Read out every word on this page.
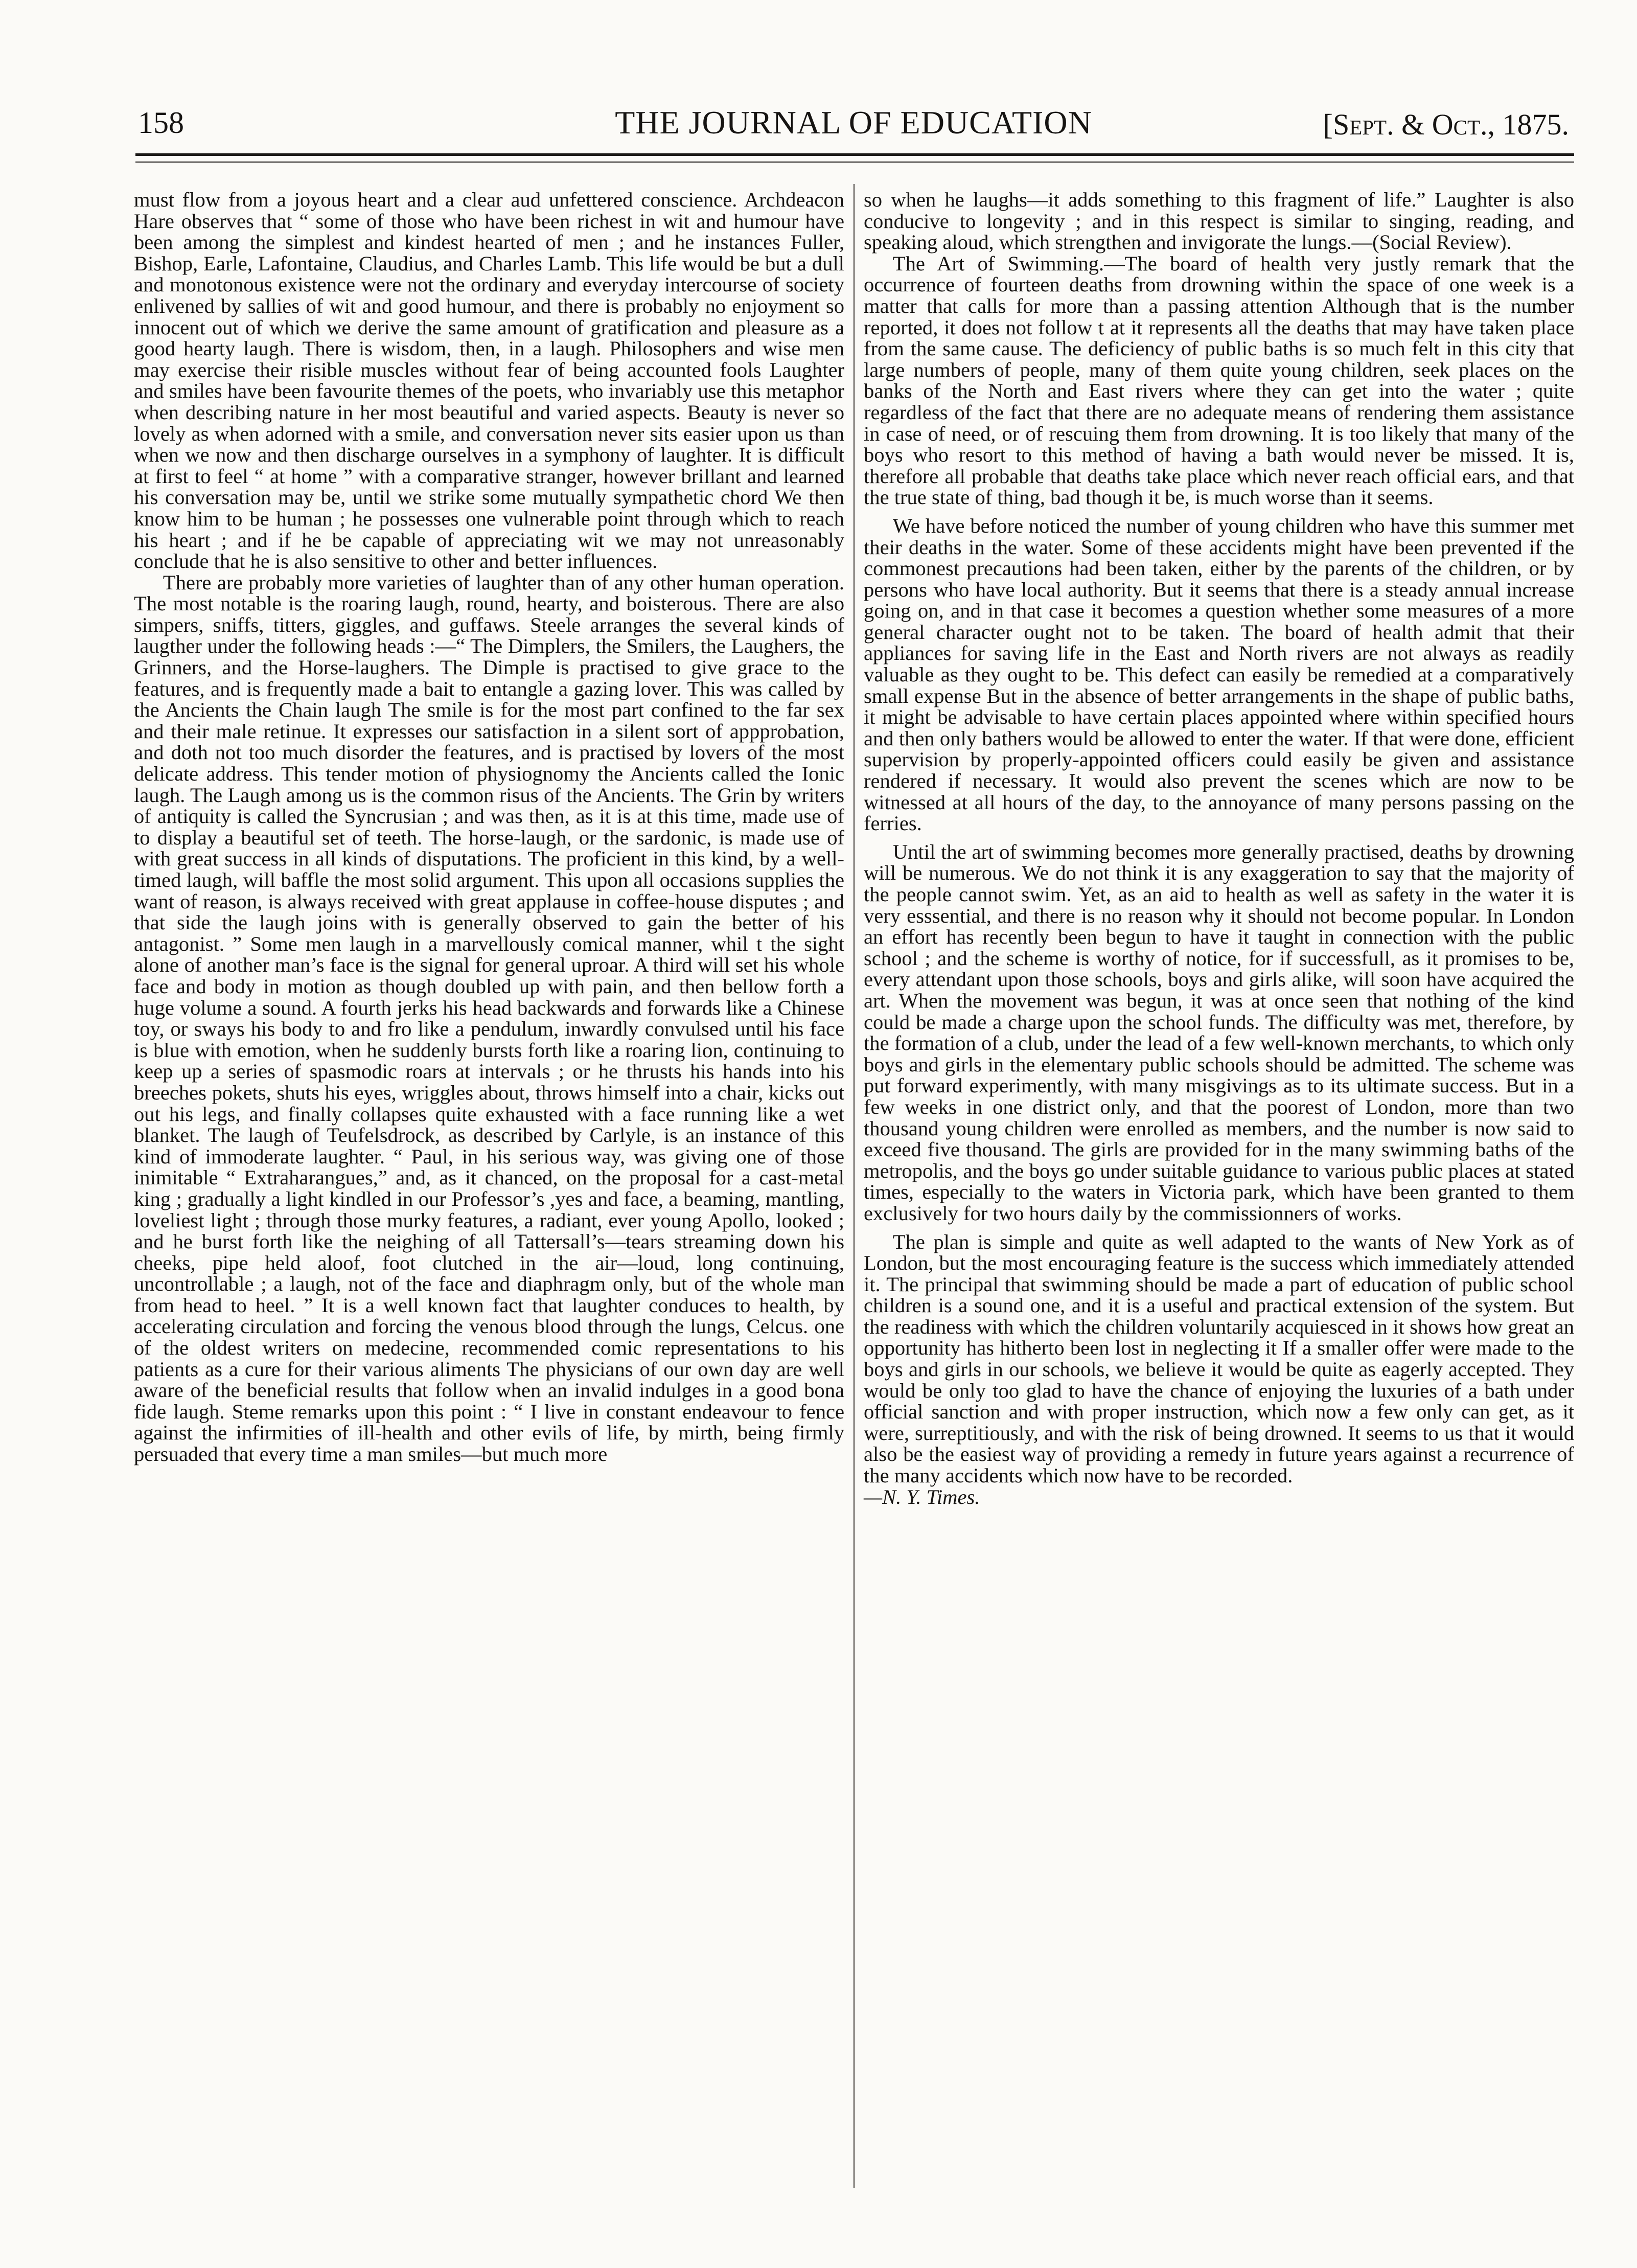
158	THE JOURNAL OF EDUCATION	[Sept. & Oct., 1875.

must flow from a joyous heart and a clear aud unfettered conscience. Archdeacon Hare observes that “ some of those who have been richest in wit and humour have been among the simplest and kindest hearted of men ; and he instances Fuller, Bishop, Earle, Lafontaine, Claudius, and Charles Lamb. This life would be but a dull and monotonous existence were not the ordinary and everyday intercourse of society enlivened by sallies of wit and good humour, and there is probably no enjoyment so innocent out of which we derive the same amount of gratification and pleasure as a good hearty laugh. There is wisdom, then, in a laugh. Philosophers and wise men may exercise their risible muscles without fear of being accounted fools Laughter and smiles have been favourite themes of the poets, who invariably use this metaphor when describing nature in her most beautiful and varied aspects. Beauty is never so lovely as when adorned with a smile, and conversation never sits easier upon us than when we now and then discharge ourselves in a symphony of laughter. It is difficult at first to feel “ at home ” with a comparative stranger, however brillant and learned his conversation may be, until we strike some mutually sympathetic chord We then know him to be human ; he possesses one vulnerable point through which to reach his heart ; and if he be capable of appreciating wit we may not unreasonably conclude that he is also sensitive to other and better influences.

There are probably more varieties of laughter than of any other human operation. The most notable is the roaring laugh, round, hearty, and boisterous. There are also simpers, sniffs, titters, giggles, and guffaws. Steele arranges the several kinds of laugther under the following heads :—“ The Dimplers, the Smilers, the Laughers, the Grinners, and the Horse-laughers. The Dimple is practised to give grace to the features, and is frequently made a bait to entangle a gazing lover. This was called by the Ancients the Chain laugh The smile is for the most part confined to the far sex and their male retinue. It expresses our satisfaction in a silent sort of appprobation, and doth not too much disorder the features, and is practised by lovers of the most delicate address. This tender motion of physiognomy the Ancients called the Ionic laugh. The Laugh among us is the common risus of the Ancients. The Grin by writers of antiquity is called the Syncrusian ; and was then, as it is at this time, made use of to display a beautiful set of teeth. The horse-laugh, or the sardonic, is made use of with great success in all kinds of disputations. The proficient in this kind, by a well-timed laugh, will baffle the most solid argument. This upon all occasions supplies the want of reason, is always received with great applause in coffee-house disputes ; and that side the laugh joins with is generally observed to gain the better of his antagonist. ” Some men laugh in a marvellously comical manner, whil t the sight alone of another man’s face is the signal for general uproar. A third will set his whole face and body in motion as though doubled up with pain, and then bellow forth a huge volume a sound. A fourth jerks his head backwards and forwards like a Chinese toy, or sways his body to and fro like a pendulum, inwardly convulsed until his face is blue with emotion, when he suddenly bursts forth like a roaring lion, continuing to keep up a series of spasmodic roars at intervals ; or he thrusts his hands into his breeches pokets, shuts his eyes, wriggles about, throws himself into a chair, kicks out out his legs, and finally collapses quite exhausted with a face running like a wet blanket. The laugh of Teufelsdrock, as described by Carlyle, is an instance of this kind of immoderate laughter. “ Paul, in his serious way, was giving one of those inimitable “ Extraharangues,” and, as it chanced, on the proposal for a cast-metal king ; gradually a light kindled in our Professor’s ,yes and face, a beaming, mantling, loveliest light ; through those murky features, a radiant, ever young Apollo, looked ; and he burst forth like the neighing of all Tattersall’s—tears streaming down his cheeks, pipe held aloof, foot clutched in the air—loud, long continuing, uncontrollable ; a laugh, not of the face and diaphragm only, but of the whole man from head to heel. ” It is a well known fact that laughter conduces to health, by accelerating circulation and forcing the venous blood through the lungs, Celcus. one of the oldest writers on medecine, recommended comic representations to his patients as a cure for their various aliments The physicians of our own day are well aware of the beneficial results that follow when an invalid indulges in a good bona fide laugh. Steme remarks upon this point : “ I live in constant endeavour to fence against the infirmities of ill-health and other evils of life, by mirth, being firmly persuaded that every time a man smiles—but much more

so when he laughs—it adds something to this fragment of life.” Laughter is also conducive to longevity ; and in this respect is similar to singing, reading, and speaking aloud, which strengthen and invigorate the lungs.—(Social Review).

The Art of Swimming.—The board of health very justly remark that the occurrence of fourteen deaths from drowning within the space of one week is a matter that calls for more than a passing attention Although that is the number reported, it does not follow t at it represents all the deaths that may have taken place from the same cause. The deficiency of public baths is so much felt in this city that large numbers of people, many of them quite young children, seek places on the banks of the North and East rivers where they can get into the water ; quite regardless of the fact that there are no adequate means of rendering them assistance in case of need, or of rescuing them from drowning. It is too likely that many of the boys who resort to this method of having a bath would never be missed. It is, therefore all probable that deaths take place which never reach official ears, and that the true state of thing, bad though it be, is much worse than it seems.

We have before noticed the number of young children who have this summer met their deaths in the water. Some of these accidents might have been prevented if the commonest precautions had been taken, either by the parents of the children, or by persons who have local authority. But it seems that there is a steady annual increase going on, and in that case it becomes a question whether some measures of a more general character ought not to be taken. The board of health admit that their appliances for saving life in the East and North rivers are not always as readily valuable as they ought to be. This defect can easily be remedied at a comparatively small expense But in the absence of better arrangements in the shape of public baths, it might be advisable to have certain places appointed where within specified hours and then only bathers would be allowed to enter the water. If that were done, efficient supervision by properly-appointed officers could easily be given and assistance rendered if necessary. It would also prevent the scenes which are now to be witnessed at all hours of the day, to the annoyance of many persons passing on the ferries.

Until the art of swimming becomes more generally practised, deaths by drowning will be numerous. We do not think it is any exaggeration to say that the majority of the people cannot swim. Yet, as an aid to health as well as safety in the water it is very esssential, and there is no reason why it should not become popular. In London an effort has recently been begun to have it taught in connection with the public school ; and the scheme is worthy of notice, for if successfull, as it promises to be, every attendant upon those schools, boys and girls alike, will soon have acquired the art. When the movement was begun, it was at once seen that nothing of the kind could be made a charge upon the school funds. The difficulty was met, therefore, by the formation of a club, under the lead of a few well-known merchants, to which only boys and girls in the elementary public schools should be admitted. The scheme was put forward experimently, with many misgivings as to its ultimate success. But in a few weeks in one district only, and that the poorest of London, more than two thousand young children were enrolled as members, and the number is now said to exceed five thousand. The girls are provided for in the many swimming baths of the metropolis, and the boys go under suitable guidance to various public places at stated times, especially to the waters in Victoria park, which have been granted to them exclusively for two hours daily by the commissionners of works.

The plan is simple and quite as well adapted to the wants of New York as of London, but the most encouraging feature is the success which immediately attended it. The principal that swimming should be made a part of education of public school children is a sound one, and it is a useful and practical extension of the system. But the readiness with which the children voluntarily acquiesced in it shows how great an opportunity has hitherto been lost in neglecting it If a smaller offer were made to the boys and girls in our schools, we believe it would be quite as eagerly accepted. They would be only too glad to have the chance of enjoying the luxuries of a bath under official sanction and with proper instruction, which now a few only can get, as it were, surreptitiously, and with the risk of being drowned. It seems to us that it would also be the easiest way of providing a remedy in future years against a recurrence of the many accidents which now have to be recorded.

—N. Y. Times.
